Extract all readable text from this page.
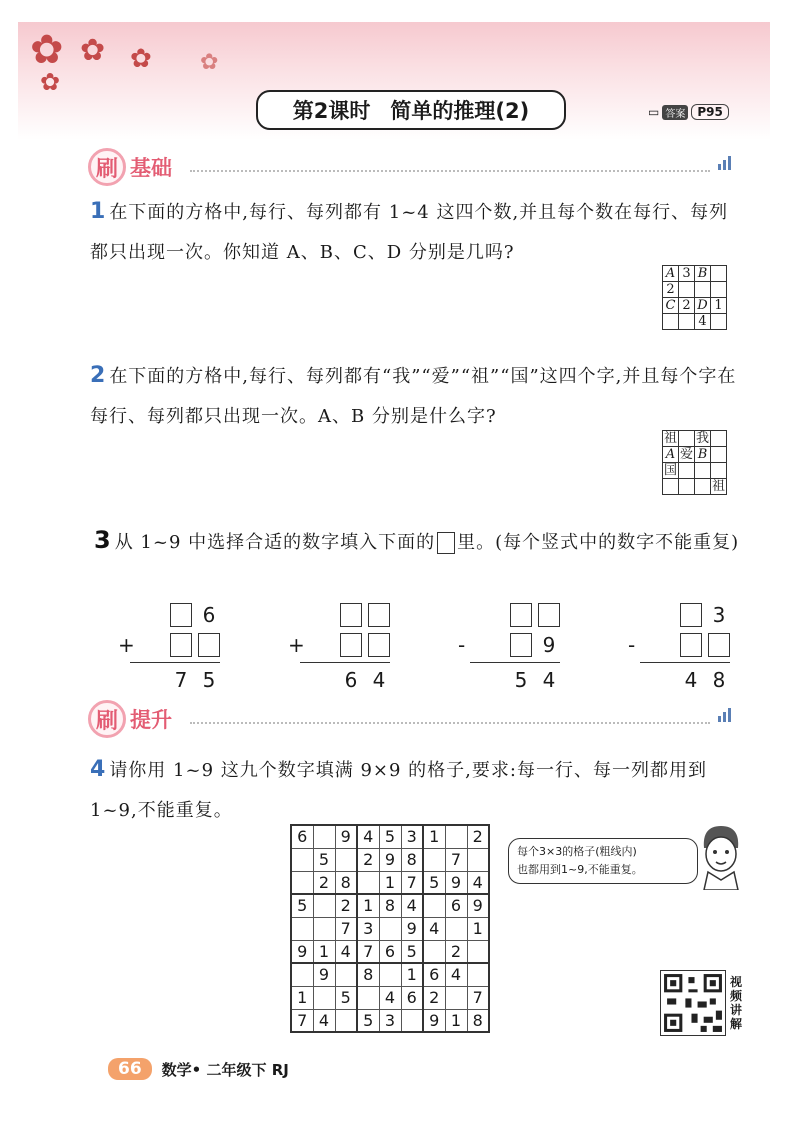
✿ ✿ ✿ ✿
✿
第2课时 简单的推理(2)	▭ 答案	P95
刷 基础
1 在下面的方格中,每行、每列都有 1~4 这四个数,并且每个数在每行、每列都只出现一次。你知道 A、B、C、D 分别是几吗?
A	3	B	
2			
C	2	D	1
		4	
2 在下面的方格中,每行、每列都有“我”“爱”“祖”“国”这四个字,并且每个字在每行、每列都只出现一次。A、B 分别是什么字?
祖		我	
A	爱	B	
国			
			祖
3 从 1~9 中选择合适的数字填入下面的 里。(每个竖式中的数字不能重复)
6
+
7 5
+
6 4
-	9
5 4
3
-
4 8
刷 提升
4 请你用 1~9 这九个数字填满 9×9 的格子,要求:每一行、每一列都用到 1~9,不能重复。
6		9	4	5	3	1		2
	5		2	9	8		7	
	2	8		1	7	5	9	4
5		2	1	8	4		6	9
		7	3		9	4		1
9	1	4	7	6	5		2	
	9		8		1	6	4	
1		5		4	6	2		7
7	4		5	3		9	1	8
每个3×3的格子(粗线内)
也都用到1~9,不能重复。
视频讲解
66	数学• 二年级下 RJ
